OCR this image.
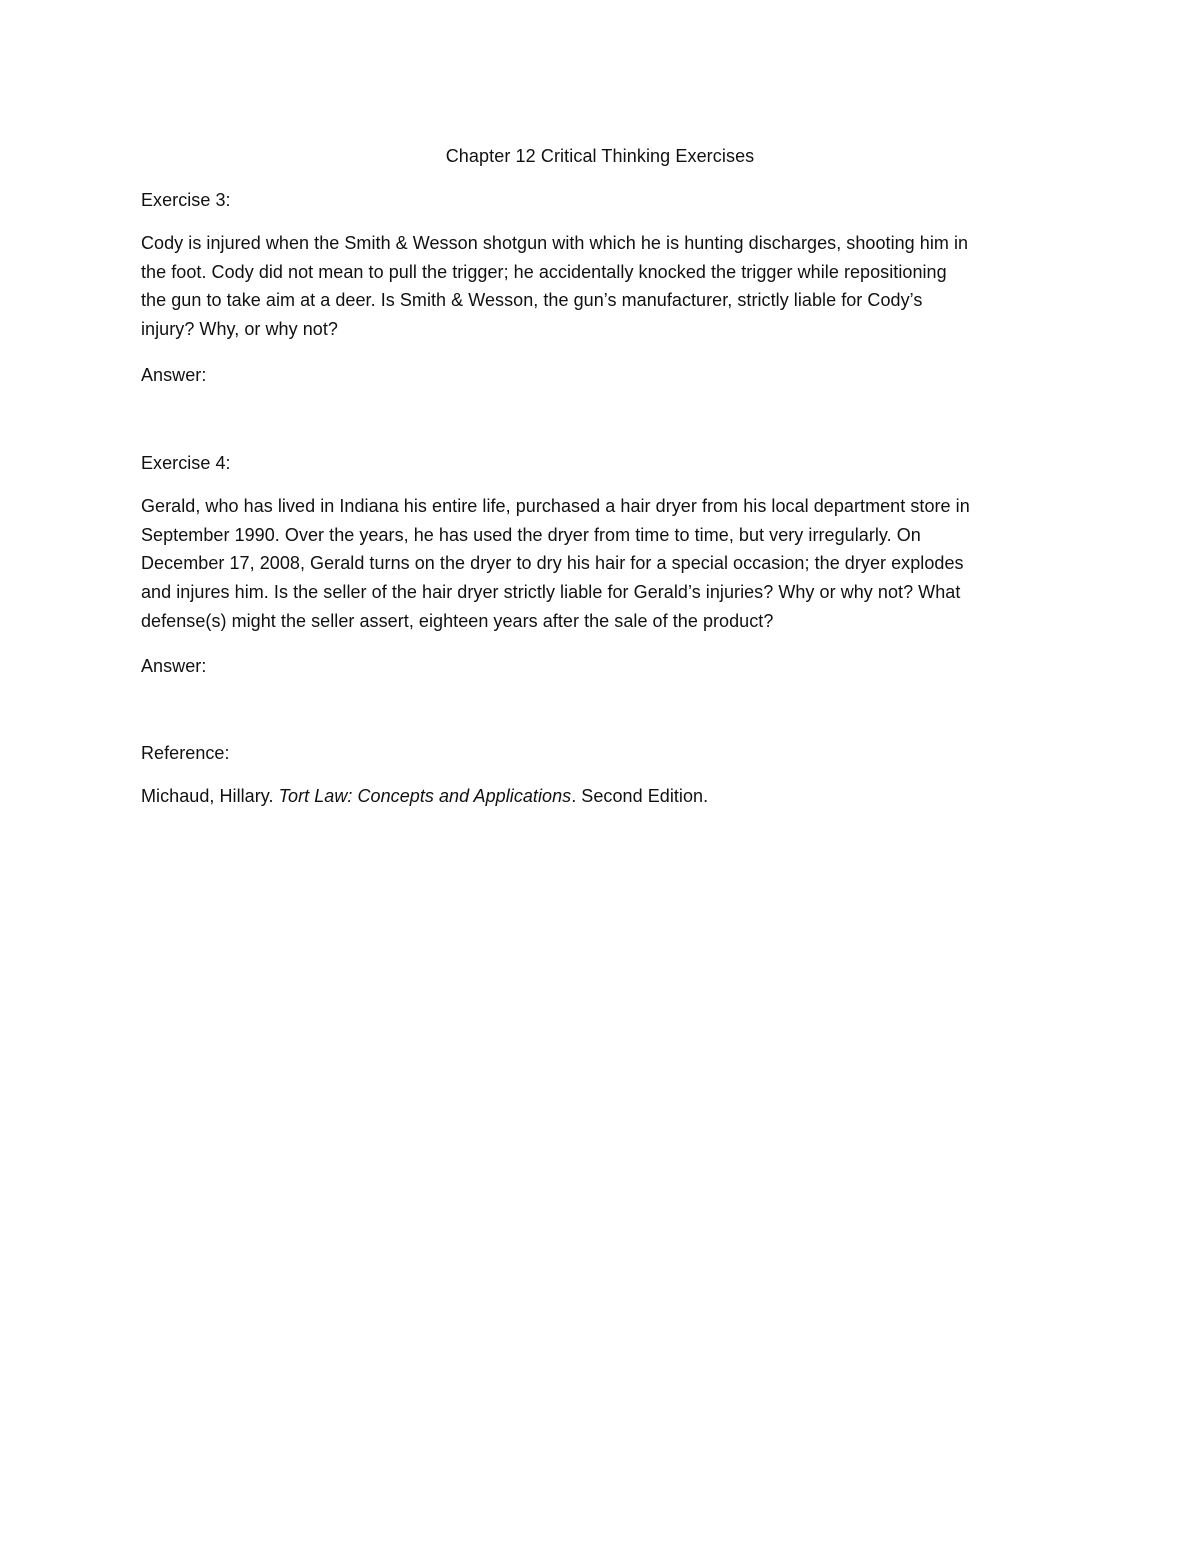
Chapter 12 Critical Thinking Exercises
Exercise 3:
Cody is injured when the Smith & Wesson shotgun with which he is hunting discharges, shooting him in
the foot. Cody did not mean to pull the trigger; he accidentally knocked the trigger while repositioning
the gun to take aim at a deer. Is Smith & Wesson, the gun’s manufacturer, strictly liable for Cody’s
injury? Why, or why not?
Answer:
Exercise 4:
Gerald, who has lived in Indiana his entire life, purchased a hair dryer from his local department store in
September 1990. Over the years, he has used the dryer from time to time, but very irregularly. On
December 17, 2008, Gerald turns on the dryer to dry his hair for a special occasion; the dryer explodes
and injures him. Is the seller of the hair dryer strictly liable for Gerald’s injuries? Why or why not? What
defense(s) might the seller assert, eighteen years after the sale of the product?
Answer:
Reference:
Michaud, Hillary. Tort Law: Concepts and Applications. Second Edition.
